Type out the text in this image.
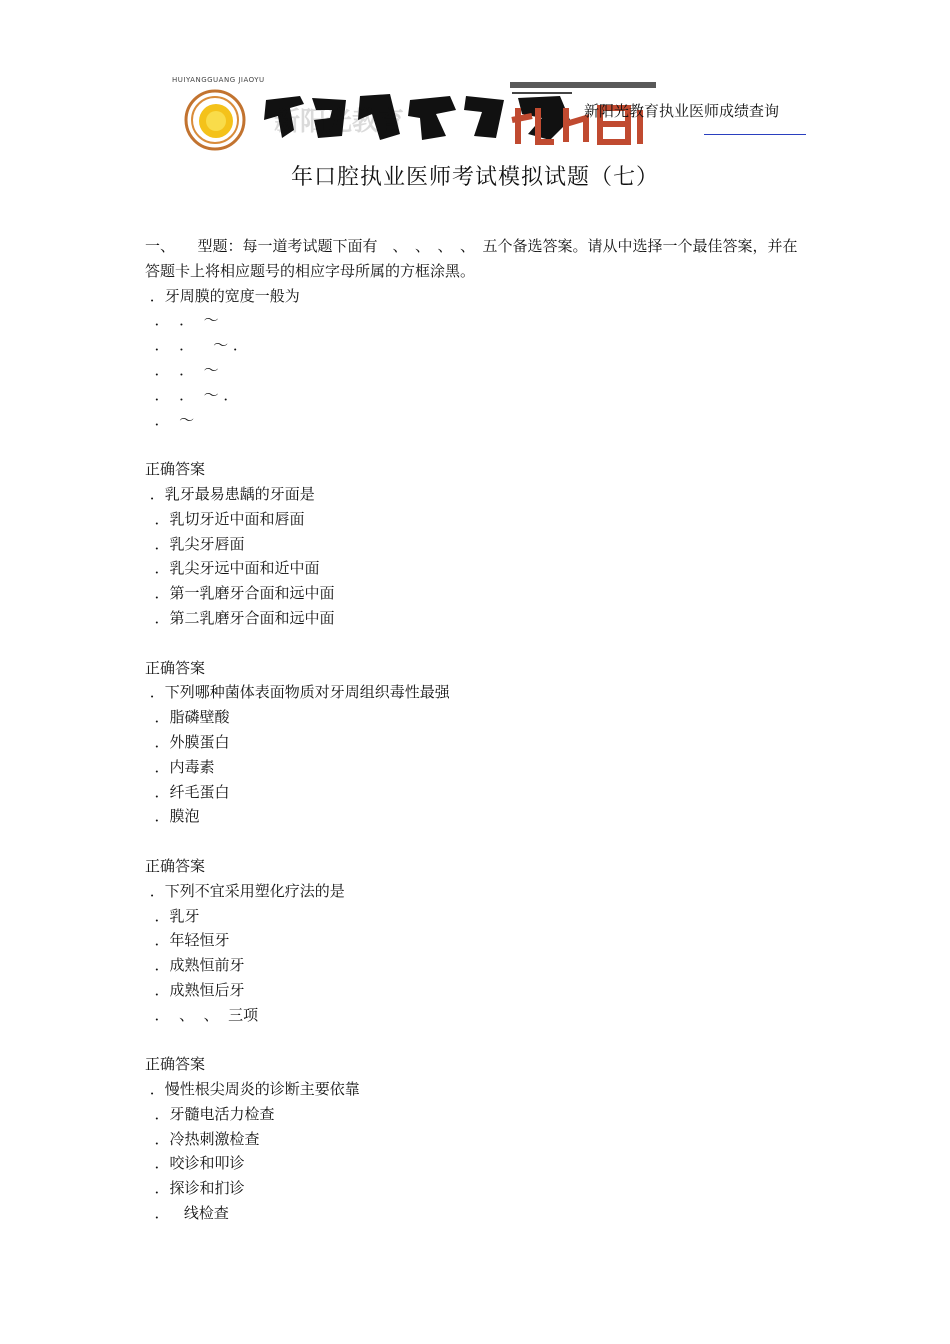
HUIYANGGUANG JIAOYU
新阳光教育	新阳光教育执业医师成绩查询
年口腔执业医师考试模拟试题（七）

一、　　型题：每一道考试题下面有　、　、　、　、　五个备选答案。请从中选择一个最佳答案，并在答题卡上将相应题号的相应字母所属的方框涂黑。

．牙周膜的宽度一般为

．  ．  ～

．  ．    ～ ．

．  ．  ～

．  ．  ～ ．

．  ～

正确答案

．乳牙最易患龋的牙面是

．乳切牙近中面和唇面

．乳尖牙唇面

．乳尖牙远中面和近中面

．第一乳磨牙合面和远中面

．第二乳磨牙合面和远中面

正确答案

．下列哪种菌体表面物质对牙周组织毒性最强

．脂磷壁酸

．外膜蛋白

．内毒素

．纤毛蛋白

．膜泡

正确答案

．下列不宜采用塑化疗法的是

．乳牙

．年轻恒牙

．成熟恒前牙

．成熟恒后牙

．  、  、  三项

正确答案

．慢性根尖周炎的诊断主要依靠

．牙髓电活力检查

．冷热刺激检查

．咬诊和叩诊

．探诊和扪诊

．   线检查
